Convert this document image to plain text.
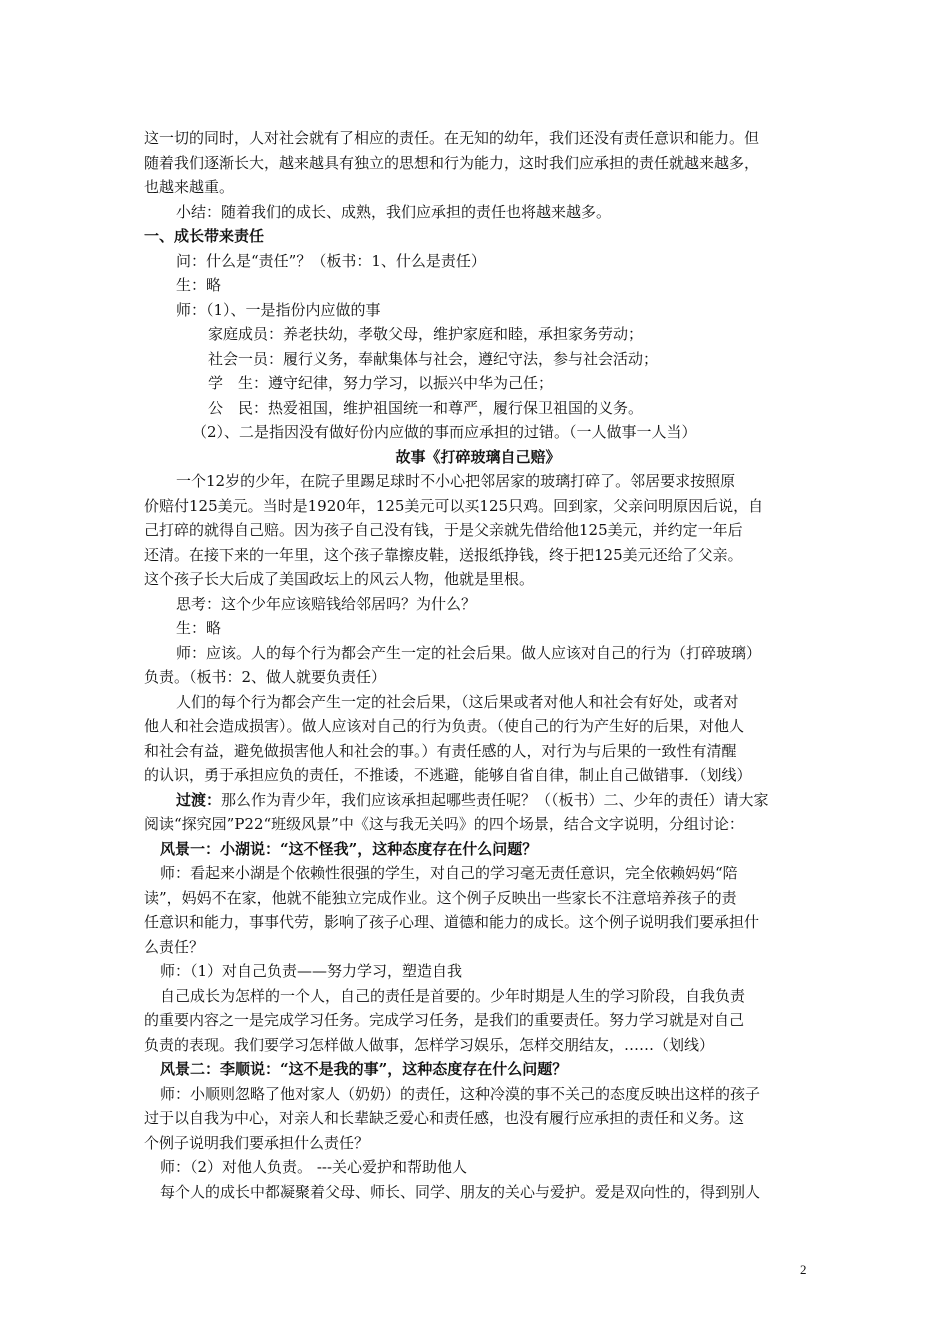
这一切的同时，人对社会就有了相应的责任。在无知的幼年，我们还没有责任意识和能力。但

随着我们逐渐长大，越来越具有独立的思想和行为能力，这时我们应承担的责任就越来越多，

也越来越重。

小结：随着我们的成长、成熟，我们应承担的责任也将越来越多。

一、成长带来责任

问：什么是“责任”？（板书：1、什么是责任）

生：略

师：（1）、一是指份内应做的事

家庭成员：养老扶幼，孝敬父母，维护家庭和睦，承担家务劳动；

社会一员：履行义务，奉献集体与社会，遵纪守法，参与社会活动；

学　生：遵守纪律，努力学习，以振兴中华为己任；

公　民：热爱祖国，维护祖国统一和尊严，履行保卫祖国的义务。

（2）、二是指因没有做好份内应做的事而应承担的过错。（一人做事一人当）

故事《打碎玻璃自己赔》

一个12岁的少年，在院子里踢足球时不小心把邻居家的玻璃打碎了。邻居要求按照原

价赔付125美元。当时是1920年，125美元可以买125只鸡。回到家，父亲问明原因后说，自

己打碎的就得自己赔。因为孩子自己没有钱，于是父亲就先借给他125美元，并约定一年后

还清。在接下来的一年里，这个孩子靠擦皮鞋，送报纸挣钱，终于把125美元还给了父亲。

这个孩子长大后成了美国政坛上的风云人物，他就是里根。

思考：这个少年应该赔钱给邻居吗？为什么？

生：略

师：应该。人的每个行为都会产生一定的社会后果。做人应该对自己的行为（打碎玻璃）

负责。（板书：2、做人就要负责任）

人们的每个行为都会产生一定的社会后果，（这后果或者对他人和社会有好处，或者对

他人和社会造成损害）。做人应该对自己的行为负责。（使自己的行为产生好的后果，对他人

和社会有益，避免做损害他人和社会的事。）有责任感的人，对行为与后果的一致性有清醒

的认识，勇于承担应负的责任，不推诿，不逃避，能够自省自律，制止自己做错事．（划线）

过渡：那么作为青少年，我们应该承担起哪些责任呢？（（板书）二、少年的责任）请大家

阅读“探究园”P22“班级风景”中《这与我无关吗》的四个场景，结合文字说明，分组讨论：

风景一：小湖说：“这不怪我”，这种态度存在什么问题？

师：看起来小湖是个依赖性很强的学生，对自己的学习毫无责任意识，完全依赖妈妈“陪

读”，妈妈不在家，他就不能独立完成作业。这个例子反映出一些家长不注意培养孩子的责

任意识和能力，事事代劳，影响了孩子心理、道德和能力的成长。这个例子说明我们要承担什

么责任？

师：（1）对自己负责——努力学习，塑造自我

自己成长为怎样的一个人，自己的责任是首要的。少年时期是人生的学习阶段，自我负责

的重要内容之一是完成学习任务。完成学习任务，是我们的重要责任。努力学习就是对自己

负责的表现。我们要学习怎样做人做事，怎样学习娱乐，怎样交朋结友，……（划线）

风景二：李顺说：“这不是我的事”，这种态度存在什么问题？

师：小顺则忽略了他对家人（奶奶）的责任，这种冷漠的事不关己的态度反映出这样的孩子

过于以自我为中心，对亲人和长辈缺乏爱心和责任感，也没有履行应承担的责任和义务。这

个例子说明我们要承担什么责任？

师：（2）对他人负责。 ---关心爱护和帮助他人

每个人的成长中都凝聚着父母、师长、同学、朋友的关心与爱护。爱是双向性的，得到别人

2
